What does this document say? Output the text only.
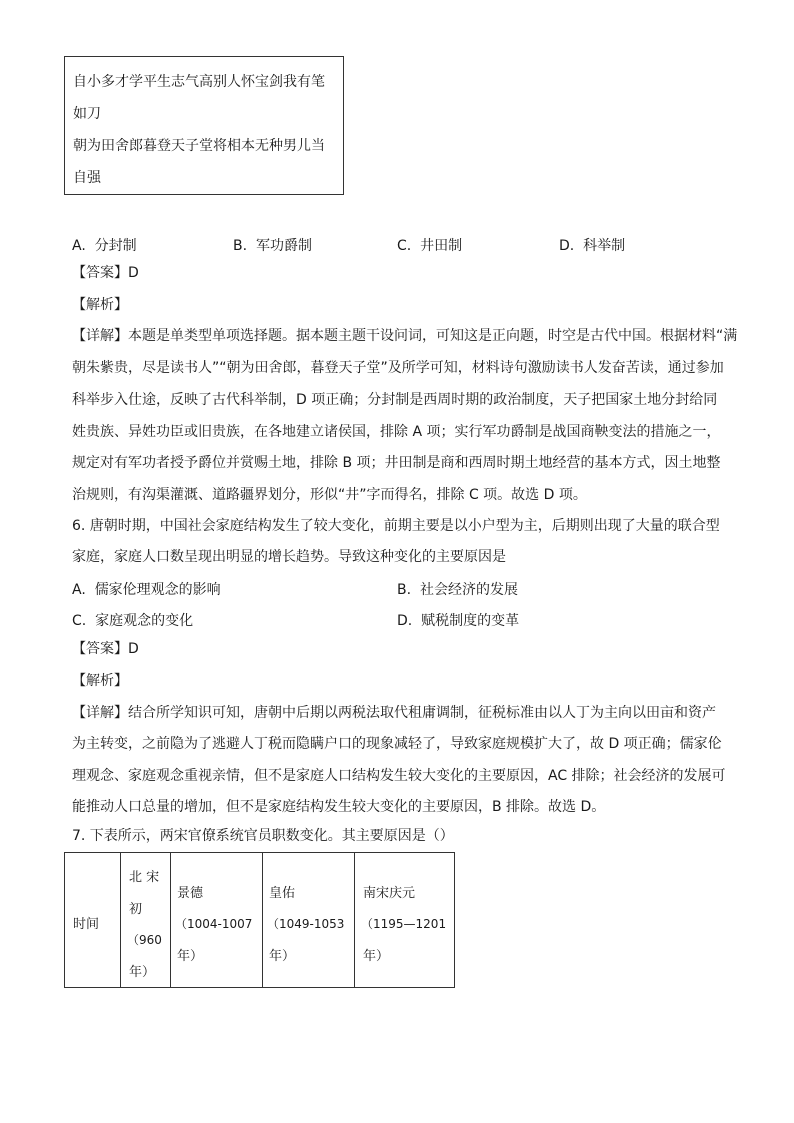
自小多才学平生志气高别人怀宝剑我有笔
如刀
朝为田舍郎暮登天子堂将相本无种男儿当
自强
A. 分封制	B. 军功爵制	C. 井田制	D. 科举制
【答案】D
【解析】
【详解】本题是单类型单项选择题。据本题主题干设问词，可知这是正向题，时空是古代中国。根据材料“满
朝朱紫贵，尽是读书人”“朝为田舍郎，暮登天子堂”及所学可知，材料诗句激励读书人发奋苦读，通过参加
科举步入仕途，反映了古代科举制，D 项正确；分封制是西周时期的政治制度，天子把国家土地分封给同
姓贵族、异姓功臣或旧贵族，在各地建立诸侯国，排除 A 项；实行军功爵制是战国商鞅变法的措施之一，
规定对有军功者授予爵位并赏赐土地，排除 B 项；井田制是商和西周时期土地经营的基本方式，因土地整
治规则，有沟渠灌溉、道路疆界划分，形似“井”字而得名，排除 C 项。故选 D 项。
6. 唐朝时期，中国社会家庭结构发生了较大变化，前期主要是以小户型为主，后期则出现了大量的联合型
家庭，家庭人口数呈现出明显的增长趋势。导致这种变化的主要原因是
A. 儒家伦理观念的影响	B. 社会经济的发展
C. 家庭观念的变化	D. 赋税制度的变革
【答案】D
【解析】
【详解】结合所学知识可知，唐朝中后期以两税法取代租庸调制，征税标准由以人丁为主向以田亩和资产
为主转变，之前隐为了逃避人丁税而隐瞒户口的现象减轻了，导致家庭规模扩大了，故 D 项正确；儒家伦
理观念、家庭观念重视亲情，但不是家庭人口结构发生较大变化的主要原因，AC 排除；社会经济的发展可
能推动人口总量的增加，但不是家庭结构发生较大变化的主要原因，B 排除。故选 D。
7. 下表所示，两宋官僚系统官员职数变化。其主要原因是（）
时间

北 宋
初
（960
年）

景德
（1004-1007
年）

皇佑
（1049-1053
年）

南宋庆元
（1195—1201
年）
